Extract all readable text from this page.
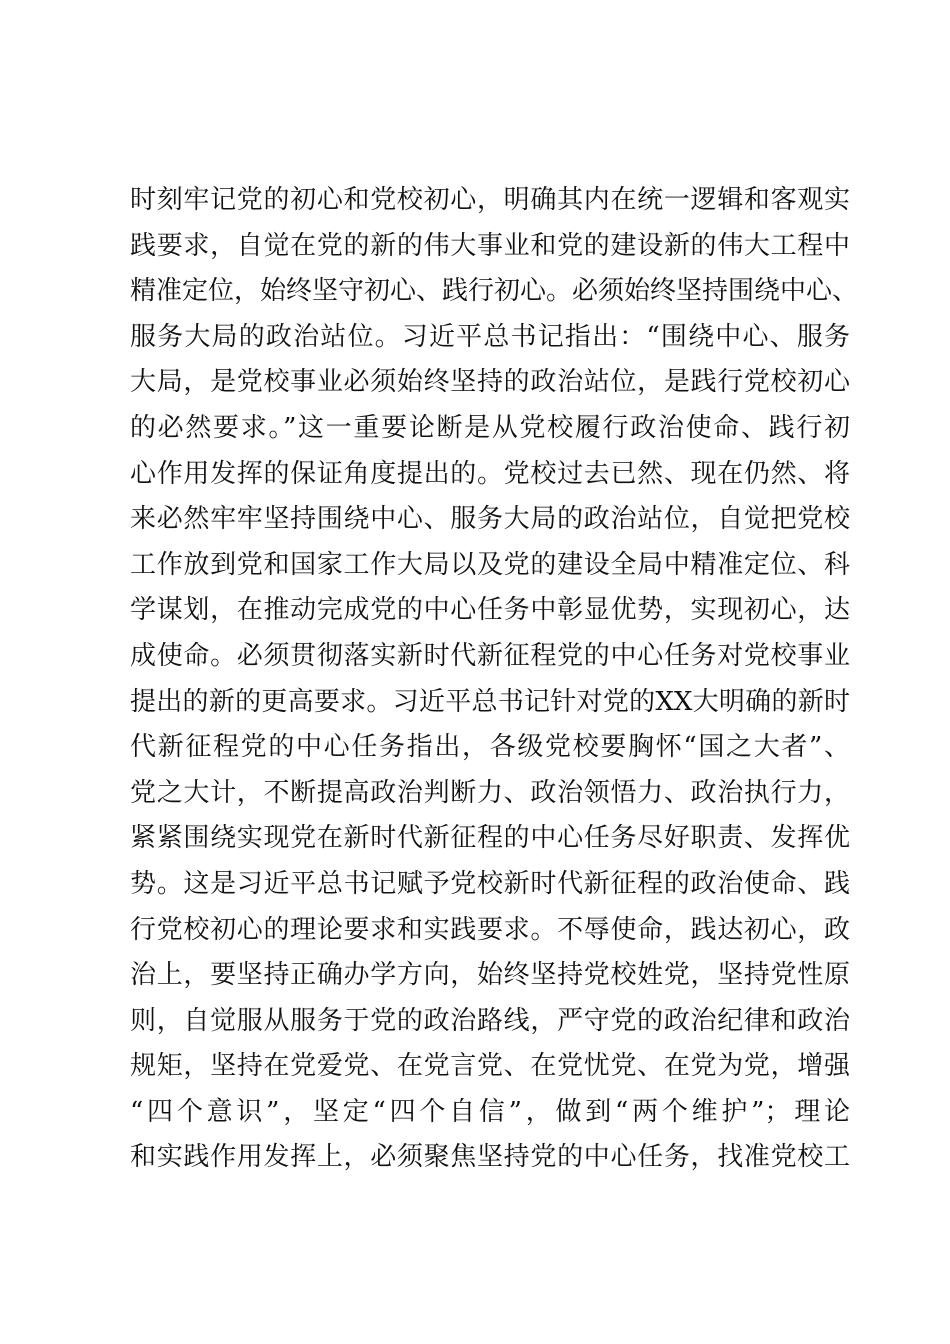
时刻牢记党的初心和党校初心，明确其内在统一逻辑和客观实
践要求，自觉在党的新的伟大事业和党的建设新的伟大工程中
精准定位，始终坚守初心、践行初心。必须始终坚持围绕中心、
服务大局的政治站位。习近平总书记指出：“围绕中心、服务
大局，是党校事业必须始终坚持的政治站位，是践行党校初心
的必然要求。”这一重要论断是从党校履行政治使命、践行初
心作用发挥的保证角度提出的。党校过去已然、现在仍然、将
来必然牢牢坚持围绕中心、服务大局的政治站位，自觉把党校
工作放到党和国家工作大局以及党的建设全局中精准定位、科
学谋划，在推动完成党的中心任务中彰显优势，实现初心，达
成使命。必须贯彻落实新时代新征程党的中心任务对党校事业
提出的新的更高要求。习近平总书记针对党的XX大明确的新时
代新征程党的中心任务指出，各级党校要胸怀“国之大者”、
党之大计，不断提高政治判断力、政治领悟力、政治执行力，
紧紧围绕实现党在新时代新征程的中心任务尽好职责、发挥优
势。这是习近平总书记赋予党校新时代新征程的政治使命、践
行党校初心的理论要求和实践要求。不辱使命，践达初心，政
治上，要坚持正确办学方向，始终坚持党校姓党，坚持党性原
则，自觉服从服务于党的政治路线，严守党的政治纪律和政治
规矩，坚持在党爱党、在党言党、在党忧党、在党为党，增强
“四个意识”，坚定“四个自信”，做到“两个维护”；理论
和实践作用发挥上，必须聚焦坚持党的中心任务，找准党校工
